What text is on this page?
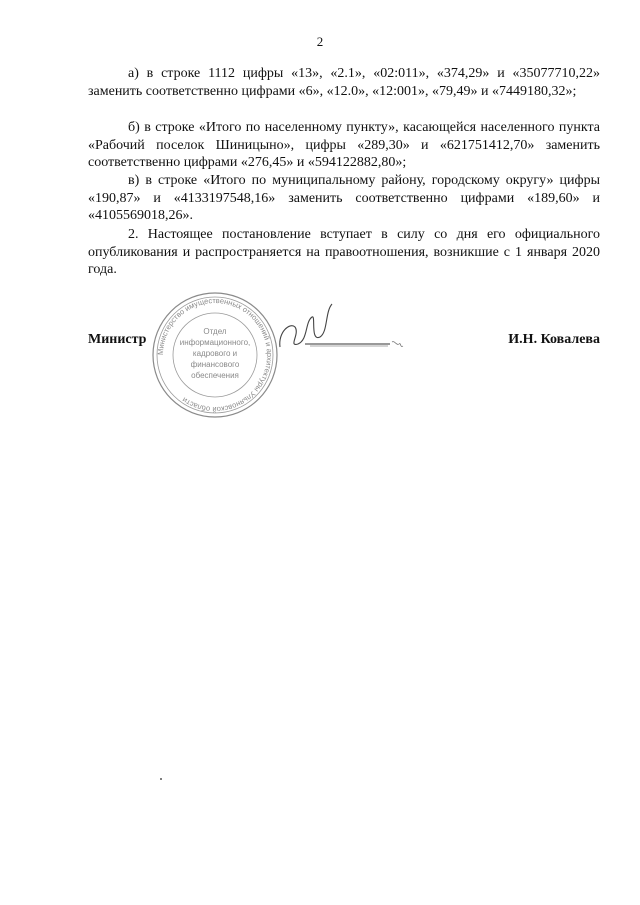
2

а) в строке 1112 цифры «13», «2.1», «02:011», «374,29» и «35077710,22» заменить соответственно цифрами «6», «12.0», «12:001», «79,49» и «7449180,32»;

б) в строке «Итого по населенному пункту», касающейся населенного пункта «Рабочий поселок Шиницыно», цифры «289,30» и «621751412,70» заменить соответственно цифрами «276,45» и «594122882,80»;

в) в строке «Итого по муниципальному району, городскому округу» цифры «190,87» и «4133197548,16» заменить соответственно цифрами «189,60» и «4105569018,26».

2. Настоящее постановление вступает в силу со дня его официального опубликования и распространяется на правоотношения, возникшие с 1 января 2020 года.

Министерство имущественных отношений и архитектуры Ульяновской области
Отдел
информационного,
кадрового и
финансового
обеспечения
Министр	И.Н. Ковалева
